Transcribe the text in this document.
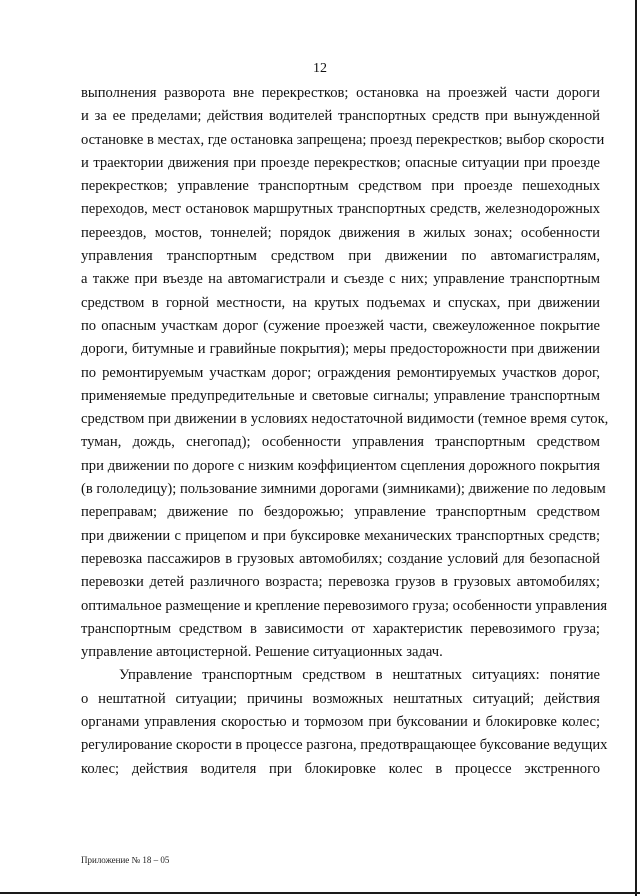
12
выполнения разворота вне перекрестков; остановка на проезжей части дороги
и за ее пределами; действия водителей транспортных средств при вынужденной
остановке в местах, где остановка запрещена; проезд перекрестков; выбор скорости
и траектории движения при проезде перекрестков; опасные ситуации при проезде
перекрестков; управление транспортным средством при проезде пешеходных
переходов, мест остановок маршрутных транспортных средств, железнодорожных
переездов, мостов, тоннелей; порядок движения в жилых зонах; особенности
управления транспортным средством при движении по автомагистралям,
а также при въезде на автомагистрали и съезде с них; управление транспортным
средством в горной местности, на крутых подъемах и спусках, при движении
по опасным участкам дорог (сужение проезжей части, свежеуложенное покрытие
дороги, битумные и гравийные покрытия); меры предосторожности при движении
по ремонтируемым участкам дорог; ограждения ремонтируемых участков дорог,
применяемые предупредительные и световые сигналы; управление транспортным
средством при движении в условиях недостаточной видимости (темное время суток,
туман, дождь, снегопад); особенности управления транспортным средством
при движении по дороге с низким коэффициентом сцепления дорожного покрытия
(в гололедицу); пользование зимними дорогами (зимниками); движение по ледовым
переправам; движение по бездорожью; управление транспортным средством
при движении с прицепом и при буксировке механических транспортных средств;
перевозка пассажиров в грузовых автомобилях; создание условий для безопасной
перевозки детей различного возраста; перевозка грузов в грузовых автомобилях;
оптимальное размещение и крепление перевозимого груза; особенности управления
транспортным средством в зависимости от характеристик перевозимого груза;
управление автоцистерной. Решение ситуационных задач.
Управление транспортным средством в нештатных ситуациях: понятие
о нештатной ситуации; причины возможных нештатных ситуаций; действия
органами управления скоростью и тормозом при буксовании и блокировке колес;
регулирование скорости в процессе разгона, предотвращающее буксование ведущих
колес; действия водителя при блокировке колес в процессе экстренного
Приложение № 18 – 05
